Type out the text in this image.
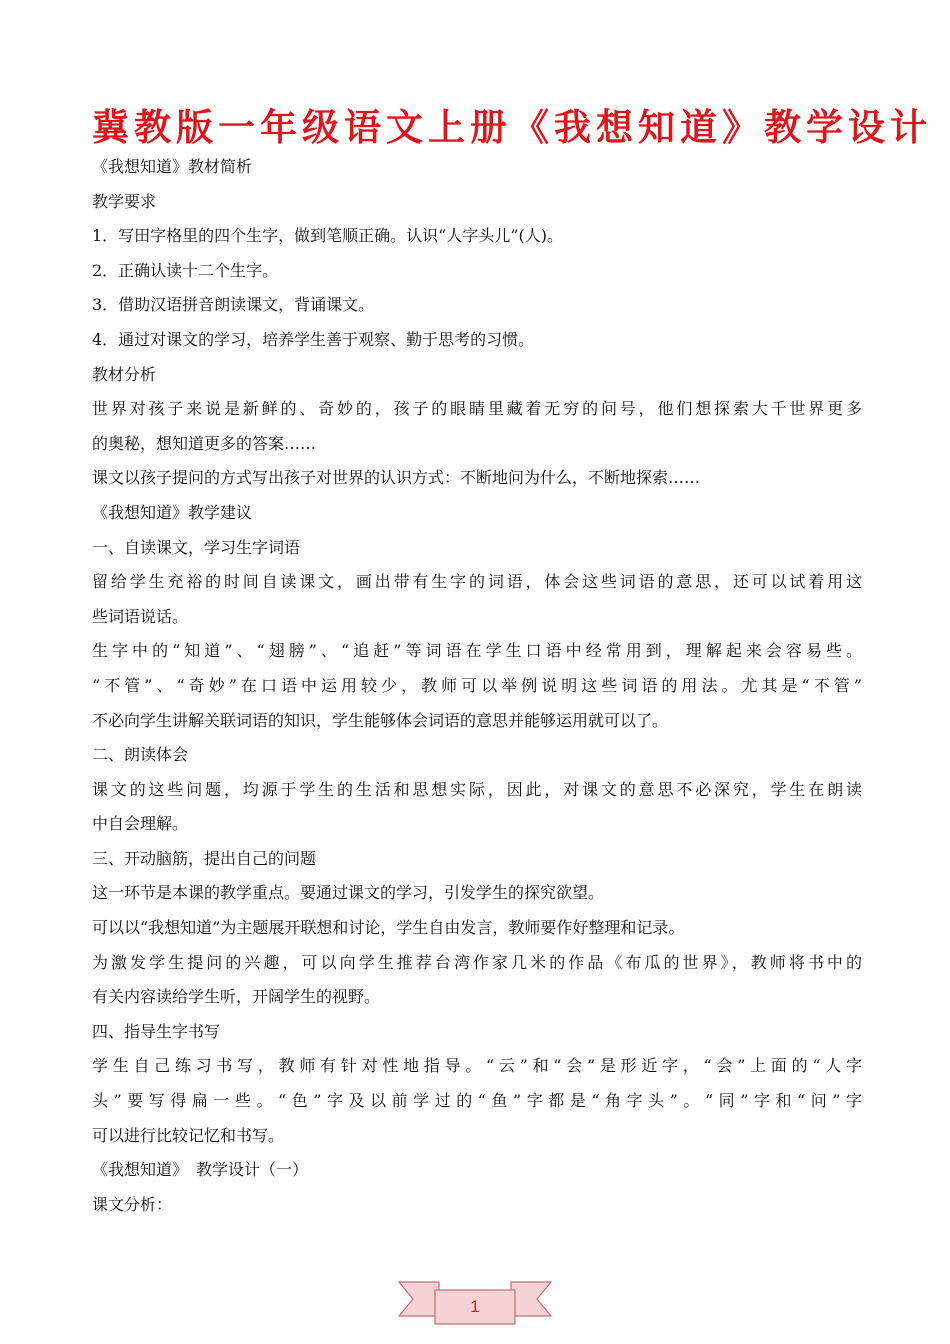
冀教版一年级语文上册《我想知道》教学设计
《我想知道》教材简析
教学要求
1．写田字格里的四个生字，做到笔顺正确。认识“人字头儿”(人)。
2．正确认读十二个生字。
3．借助汉语拼音朗读课文，背诵课文。
4．通过对课文的学习，培养学生善于观察、勤于思考的习惯。
教材分析
世界对孩子来说是新鲜的、奇妙的，孩子的眼睛里藏着无穷的问号，他们想探索大千世界更多
的奥秘，想知道更多的答案……
课文以孩子提问的方式写出孩子对世界的认识方式：不断地问为什么，不断地探索……
《我想知道》教学建议
一、自读课文，学习生字词语
留给学生充裕的时间自读课文，画出带有生字的词语，体会这些词语的意思，还可以试着用这
些词语说话。
生字中的“知道”、“翅膀”、“追赶”等词语在学生口语中经常用到，理解起来会容易些。
“不管”、“奇妙”在口语中运用较少，教师可以举例说明这些词语的用法。尤其是“不管”
不必向学生讲解关联词语的知识，学生能够体会词语的意思并能够运用就可以了。
二、朗读体会
课文的这些问题，均源于学生的生活和思想实际，因此，对课文的意思不必深究，学生在朗读
中自会理解。
三、开动脑筋，提出自己的问题
这一环节是本课的教学重点。要通过课文的学习，引发学生的探究欲望。
可以以“我想知道”为主题展开联想和讨论，学生自由发言，教师要作好整理和记录。
为激发学生提问的兴趣，可以向学生推荐台湾作家几米的作品《布瓜的世界》，教师将书中的
有关内容读给学生听，开阔学生的视野。
四、指导生字书写
学生自己练习书写，教师有针对性地指导。“云”和“会”是形近字，“会”上面的“人字
头”要写得扁一些。“色”字及以前学过的“鱼”字都是“角字头”。“同”字和“问”字
可以进行比较记忆和书写。
《我想知道》　教学设计（一）
课文分析：
1
